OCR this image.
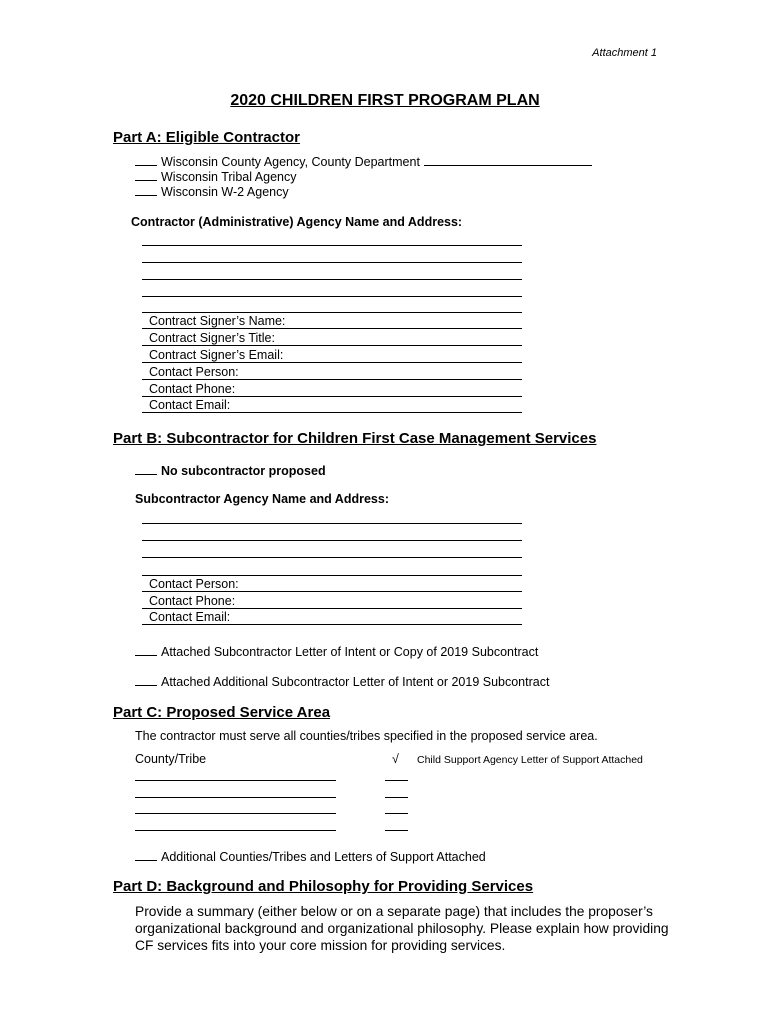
Attachment 1
2020 CHILDREN FIRST PROGRAM PLAN
Part A: Eligible Contractor
Wisconsin County Agency, County Department
Wisconsin Tribal Agency
Wisconsin W-2 Agency
Contractor (Administrative) Agency Name and Address:
Contract Signer’s Name:
Contract Signer’s Title:
Contract Signer’s Email:
Contact Person:
Contact Phone:
Contact Email:
Part B: Subcontractor for Children First Case Management Services
No subcontractor proposed
Subcontractor Agency Name and Address:
Contact Person:
Contact Phone:
Contact Email:
Attached Subcontractor Letter of Intent or Copy of 2019 Subcontract
Attached Additional Subcontractor Letter of Intent or 2019 Subcontract
Part C: Proposed Service Area
The contractor must serve all counties/tribes specified in the proposed service area.
County/Tribe	√ Child Support Agency Letter of Support Attached
Additional Counties/Tribes and Letters of Support Attached
Part D: Background and Philosophy for Providing Services
Provide a summary (either below or on a separate page) that includes the proposer’s organizational background and organizational philosophy. Please explain how providing CF services fits into your core mission for providing services.
